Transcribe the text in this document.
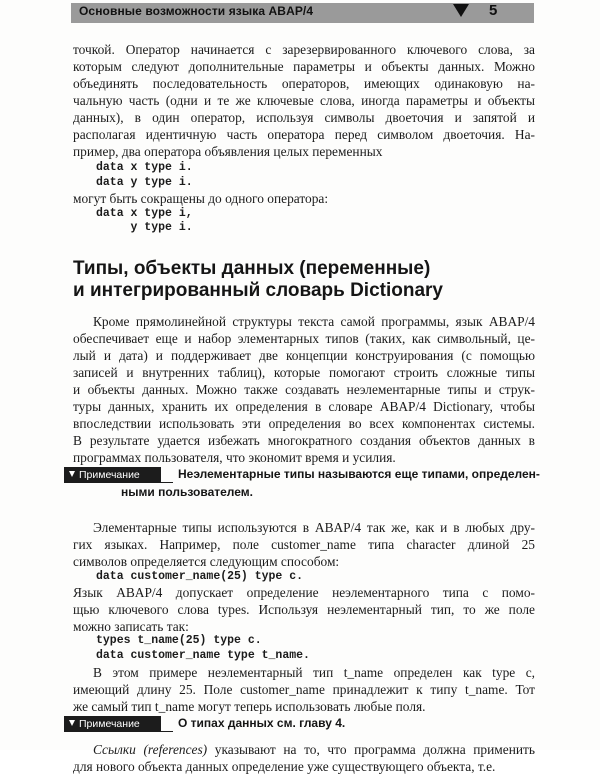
Основные возможности языка ABAP/4	5
точкой. Оператор начинается с зарезервированного ключевого слова, за
которым следуют дополнительные параметры и объекты данных. Можно
объединять последовательность операторов, имеющих одинаковую на-
чальную часть (одни и те же ключевые слова, иногда параметры и объекты
данных), в один оператор, используя символы двоеточия и запятой и
располагая идентичную часть оператора перед символом двоеточия. На-
пример, два оператора объявления целых переменных
data x type i.
data y type i.
могут быть сокращены до одного оператора:
data x type i,
y type i.
Типы, объекты данных (переменные)
и интегрированный словарь Dictionary
Кроме прямолинейной структуры текста самой программы, язык ABAP/4
обеспечивает еще и набор элементарных типов (таких, как символьный, це-
лый и дата) и поддерживает две концепции конструирования (с помощью
записей и внутренних таблиц), которые помогают строить сложные типы
и объекты данных. Можно также создавать неэлементарные типы и струк-
туры данных, хранить их определения в словаре ABAP/4 Dictionary, чтобы
впоследствии использовать эти определения во всех компонентах системы.
В результате удается избежать многократного создания объектов данных в
программах пользователя, что экономит время и усилия.
Примечание	Неэлементарные типы называются еще типами, определен-
ными пользователем.
Элементарные типы используются в ABAP/4 так же, как и в любых дру-
гих языках. Например, поле customer_name типа character длиной 25
символов определяется следующим способом:
data customer_name(25) type c.
Язык ABAP/4 допускает определение неэлементарного типа с помо-
щью ключевого слова types. Используя неэлементарный тип, то же поле
можно записать так:
types t_name(25) type c.
data customer_name type t_name.
В этом примере неэлементарный тип t_name определен как type c,
имеющий длину 25. Поле customer_name принадлежит к типу t_name. Тот
же самый тип t_name могут теперь использовать любые поля.
Примечание	О типах данных см. главу 4.
Ссылки (references) указывают на то, что программа должна применить
для нового объекта данных определение уже существующего объекта, т.е.
